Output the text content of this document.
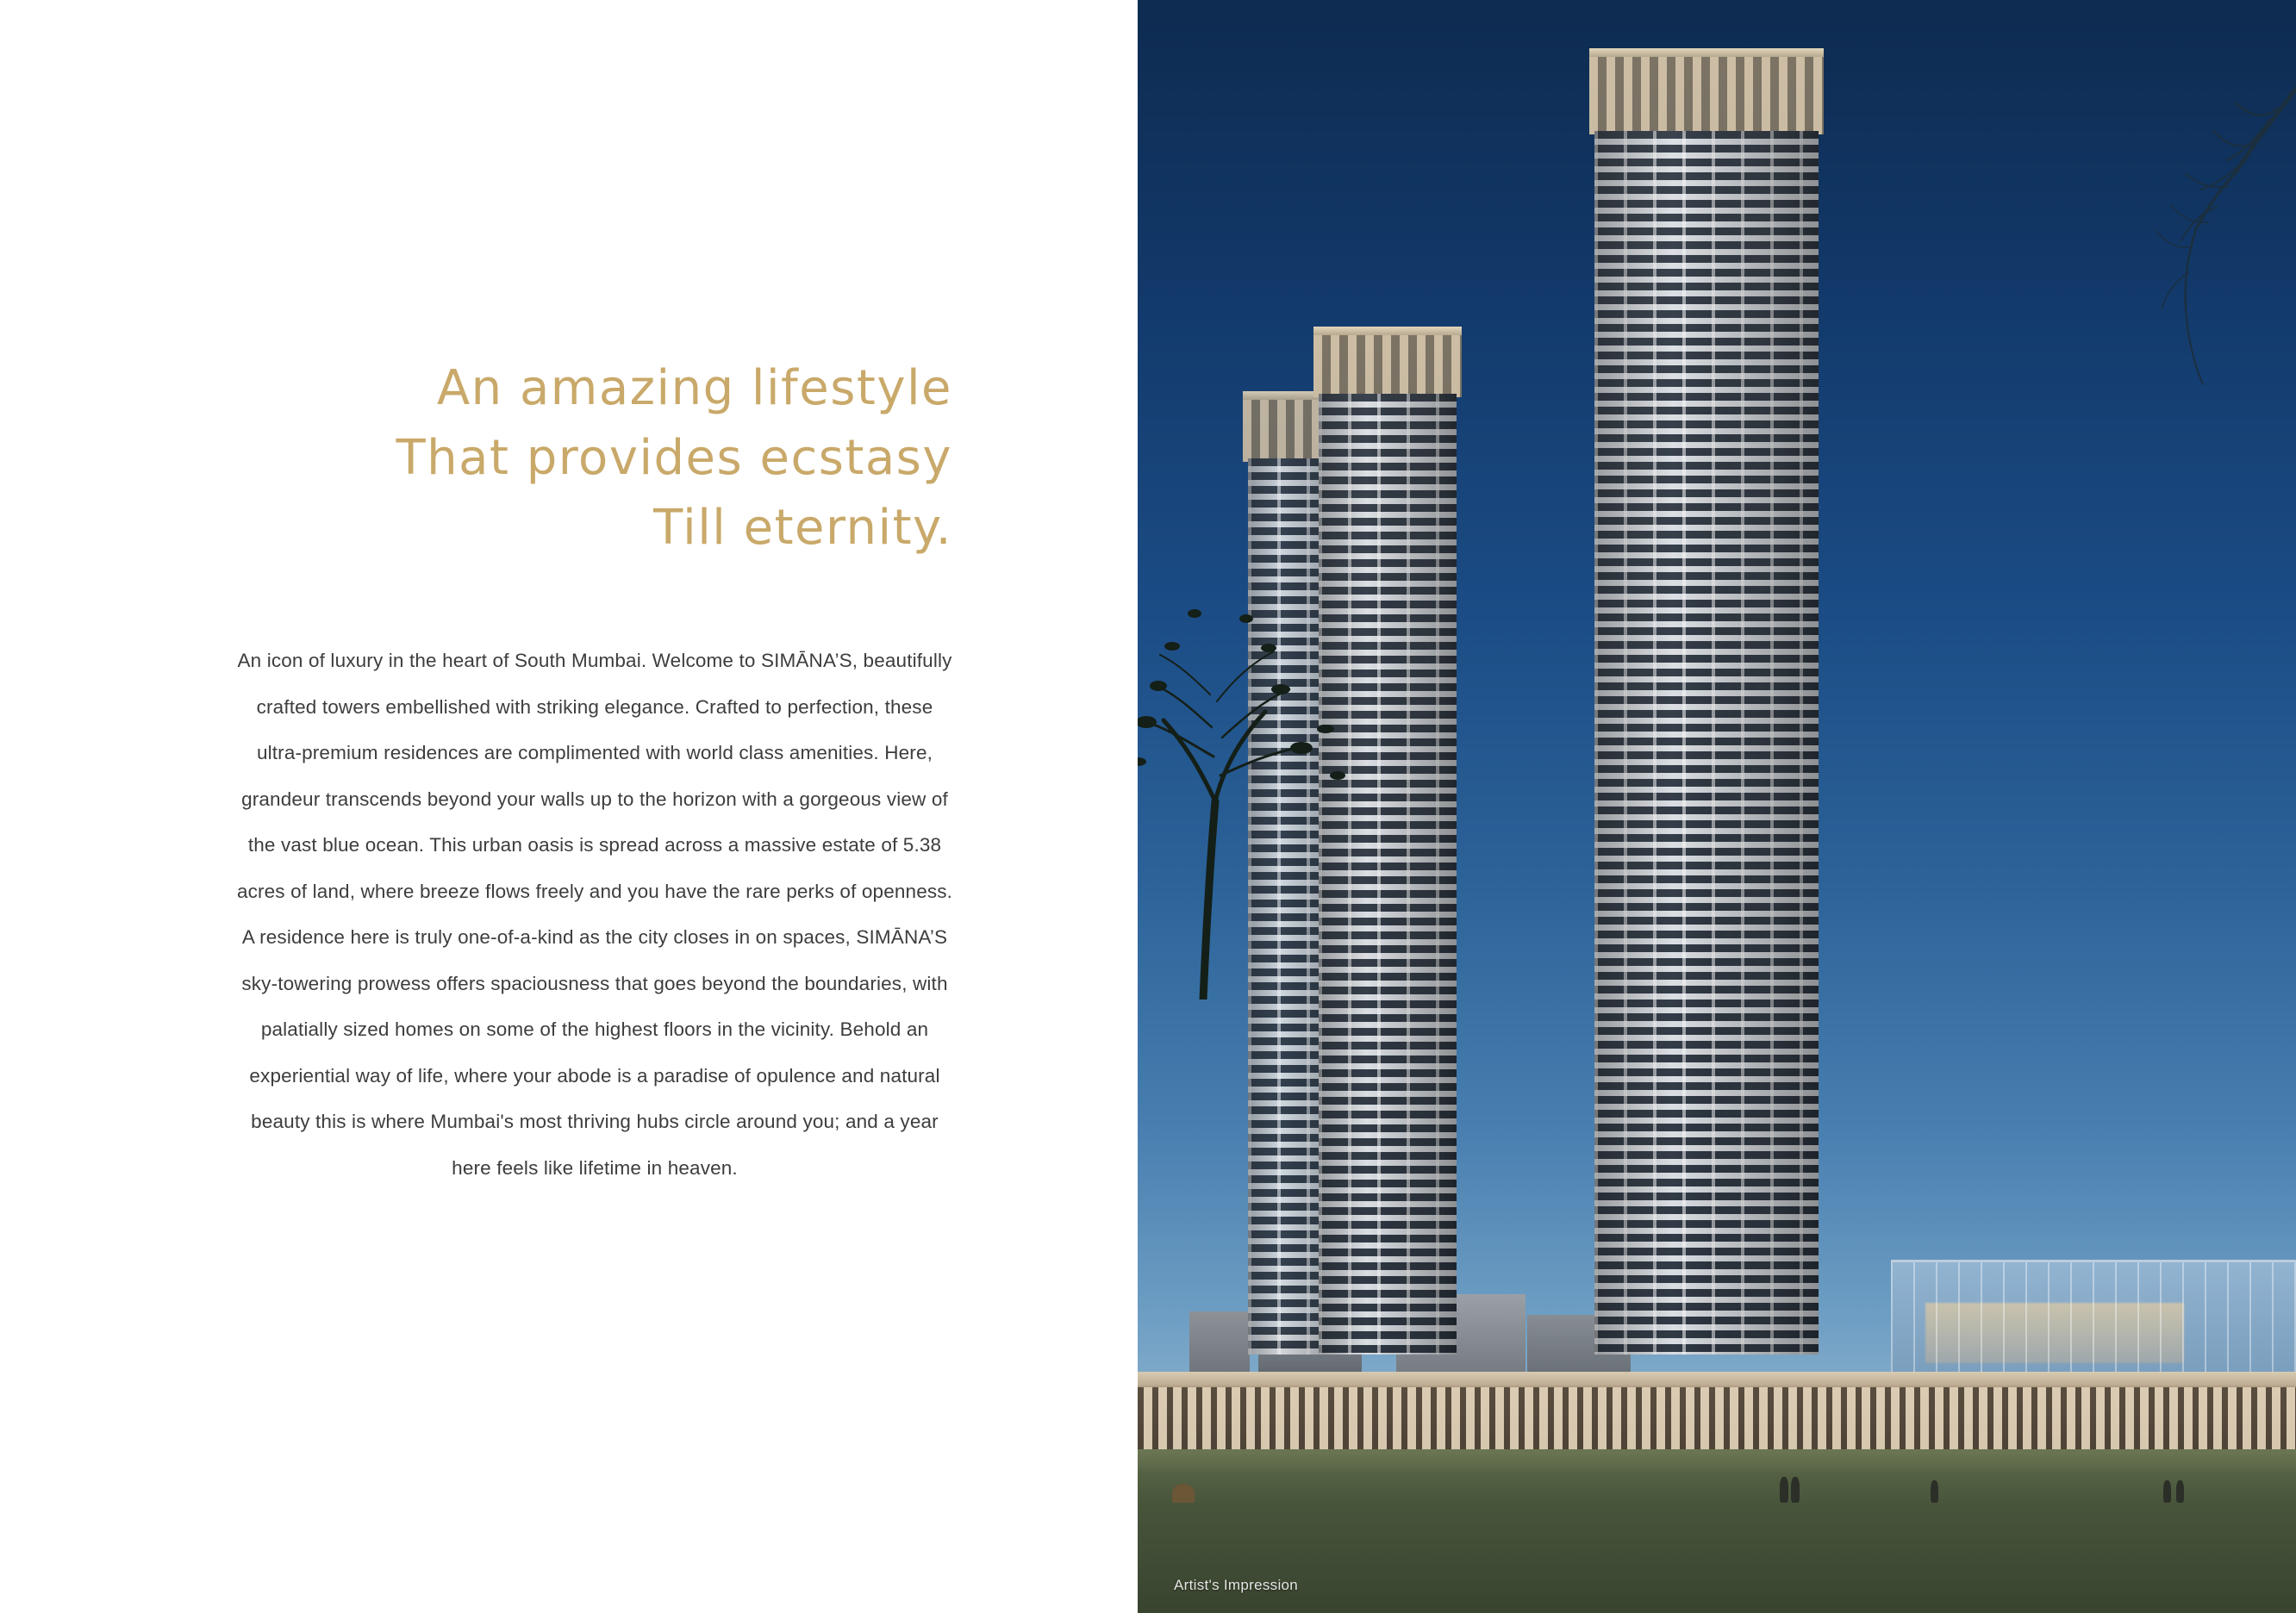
An amazing lifestyle
That provides ecstasy
Till eternity.

An icon of luxury in the heart of South Mumbai. Welcome to SIMĀNA’S, beautifully crafted towers embellished with striking elegance. Crafted to perfection, these ultra-premium residences are complimented with world class amenities. Here, grandeur transcends beyond your walls up to the horizon with a gorgeous view of the vast blue ocean. This urban oasis is spread across a massive estate of 5.38 acres of land, where breeze flows freely and you have the rare perks of openness. A residence here is truly one-of-a-kind as the city closes in on spaces, SIMĀNA’S sky-towering prowess offers spaciousness that goes beyond the boundaries, with palatially sized homes on some of the highest floors in the vicinity. Behold an experiential way of life, where your abode is a paradise of opulence and natural beauty this is where Mumbai's most thriving hubs circle around you; and a year here feels like lifetime in heaven.

Artist's Impression
